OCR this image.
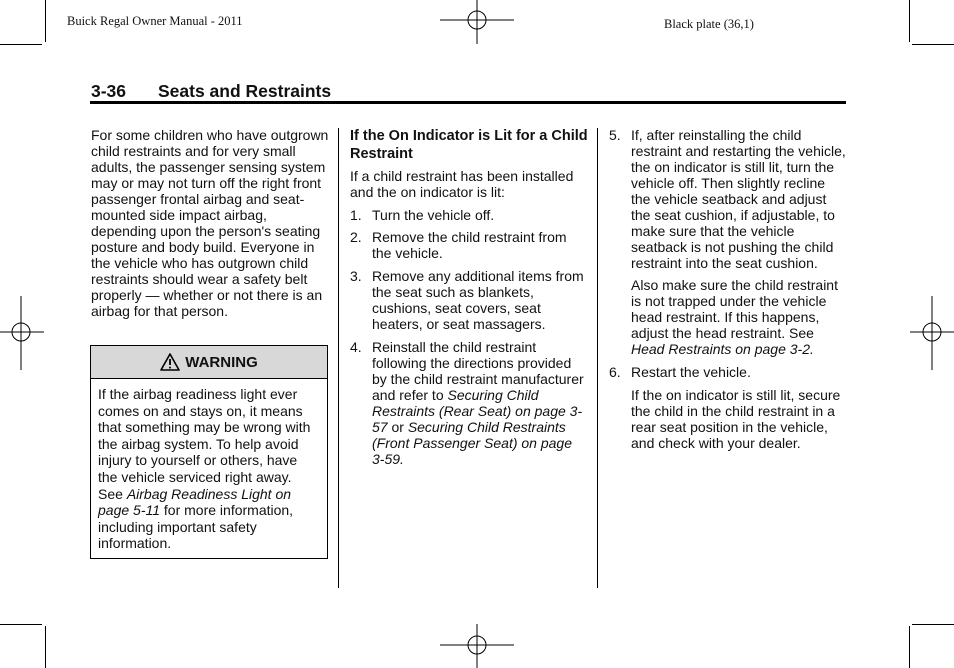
Buick Regal Owner Manual - 2011	Black plate (36,1)
3-36 Seats and Restraints

For some children who have outgrown child restraints and for very small adults, the passenger sensing system may or may not turn off the right front passenger frontal airbag and seat-mounted side impact airbag, depending upon the person's seating posture and body build. Everyone in the vehicle who has outgrown child restraints should wear a safety belt properly — whether or not there is an airbag for that person.

WARNING
If the airbag readiness light ever comes on and stays on, it means that something may be wrong with the airbag system. To help avoid injury to yourself or others, have the vehicle serviced right away. See Airbag Readiness Light on page 5-11 for more information, including important safety information.
If the On Indicator is Lit for a Child Restraint

If a child restraint has been installed and the on indicator is lit:

1. Turn the vehicle off.
2. Remove the child restraint from the vehicle.
3. Remove any additional items from the seat such as blankets, cushions, seat covers, seat heaters, or seat massagers.
4. Reinstall the child restraint following the directions provided by the child restraint manufacturer and refer to Securing Child Restraints (Rear Seat) on page 3-57 or Securing Child Restraints (Front Passenger Seat) on page 3-59.
5. If, after reinstalling the child restraint and restarting the vehicle, the on indicator is still lit, turn the vehicle off. Then slightly recline the vehicle seatback and adjust the seat cushion, if adjustable, to make sure that the vehicle seatback is not pushing the child restraint into the seat cushion.
Also make sure the child restraint is not trapped under the vehicle head restraint. If this happens, adjust the head restraint. See Head Restraints on page 3-2.
6. Restart the vehicle.
If the on indicator is still lit, secure the child in the child restraint in a rear seat position in the vehicle, and check with your dealer.
